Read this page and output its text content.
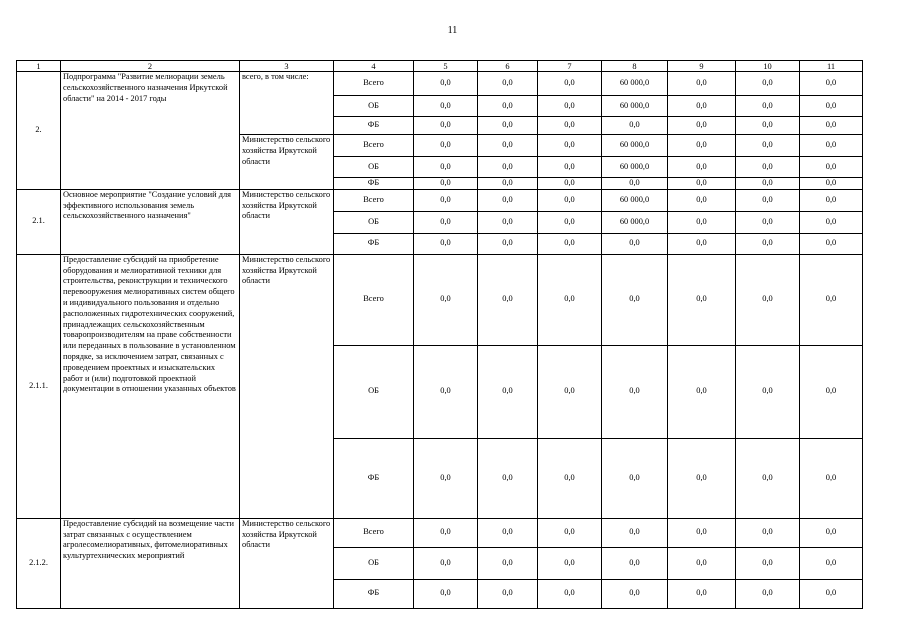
11
1	2	3	4	5	6	7	8	9	10	11
2.	Подпрограмма "Развитие мелиорации земель сельскохозяйственного назначения Иркутской области" на 2014 - 2017 годы	всего, в том числе:	Всего	0,0	0,0	0,0	60 000,0	0,0	0,0	0,0
			ОБ	0,0	0,0	0,0	60 000,0	0,0	0,0	0,0
			ФБ	0,0	0,0	0,0	0,0	0,0	0,0	0,0
		Министерство сельского хозяйства Иркутской области	Всего	0,0	0,0	0,0	60 000,0	0,0	0,0	0,0
			ОБ	0,0	0,0	0,0	60 000,0	0,0	0,0	0,0
			ФБ	0,0	0,0	0,0	0,0	0,0	0,0	0,0
2.1.	Основное мероприятие "Создание условий для эффективного использования земель сельскохозяйственного назначения"	Министерство сельского хозяйства Иркутской области	Всего	0,0	0,0	0,0	60 000,0	0,0	0,0	0,0
			ОБ	0,0	0,0	0,0	60 000,0	0,0	0,0	0,0
			ФБ	0,0	0,0	0,0	0,0	0,0	0,0	0,0
2.1.1.	Предоставление субсидий на приобретение оборудования и мелиоративной техники для строительства, реконструкции и технического перевооружения мелиоративных систем общего и индивидуального пользования и отдельно расположенных гидротехнических сооружений, принадлежащих сельскохозяйственным товаропроизводителям на праве собственности или переданных в пользование в установленном порядке, за исключением затрат, связанных с проведением проектных и изыскательских работ и (или) подготовкой проектной документации в отношении указанных объектов	Министерство сельского хозяйства Иркутской области	Всего	0,0	0,0	0,0	0,0	0,0	0,0	0,0
			ОБ	0,0	0,0	0,0	0,0	0,0	0,0	0,0
			ФБ	0,0	0,0	0,0	0,0	0,0	0,0	0,0
2.1.2.	Предоставление субсидий на возмещение части затрат связанных с осуществлением агролесомелиоративных, фитомелиоративных культуртехнических мероприятий	Министерство сельского хозяйства Иркутской области	Всего	0,0	0,0	0,0	0,0	0,0	0,0	0,0
			ОБ	0,0	0,0	0,0	0,0	0,0	0,0	0,0
			ФБ	0,0	0,0	0,0	0,0	0,0	0,0	0,0
